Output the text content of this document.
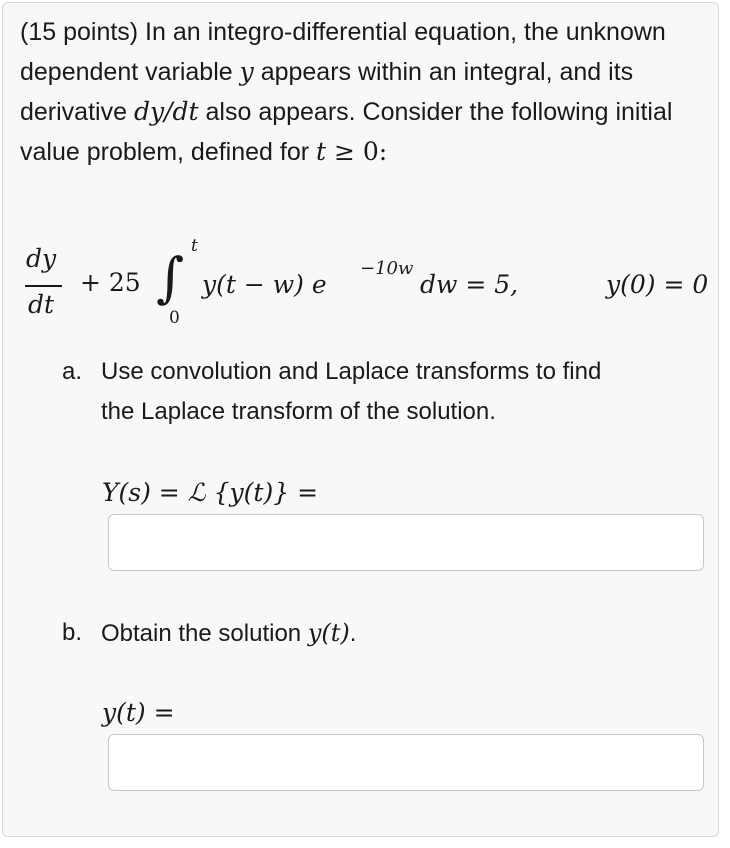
(15 points) In an integro-differential equation, the unknown dependent variable y appears within an integral, and its derivative dy/dt also appears. Consider the following initial value problem, defined for t ≥ 0:
dy
dt
+ 25 ∫ t
0
y(t − w) e
−10w
dw = 5,	y(0) = 0
a. Use convolution and Laplace transforms to find
the Laplace transform of the solution.
Y(s) = ℒ {y(t)} =
b. Obtain the solution y(t).
y(t) =
